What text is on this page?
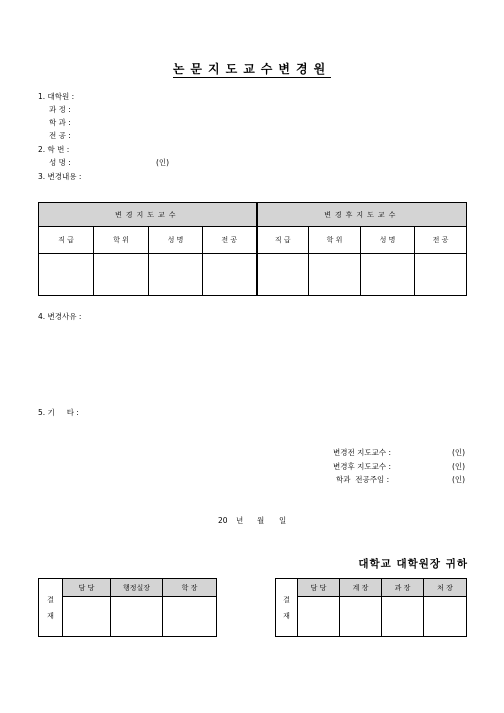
논문지도교수변경원
1. 대학원 :
과 정 :
학 과 :
전 공 :
2. 학 번 :
성 명 :	(인)
3. 변경내용 :
변경지도교수				변경후지도교수			
직 급	학 위	성 명	전 공	직 급	학 위	성 명	전 공

4. 변경사유 :
5. 기     타 :
변경전 지도교수 :	(인)
변경후 지도교수 :	(인)
학과  전공주임 :	(인)
20 년 월 일
대학교 대학원장 귀하
결
재	담 당	행정실장	학 장

결
재	담 당	계 장	과 장	처 장
